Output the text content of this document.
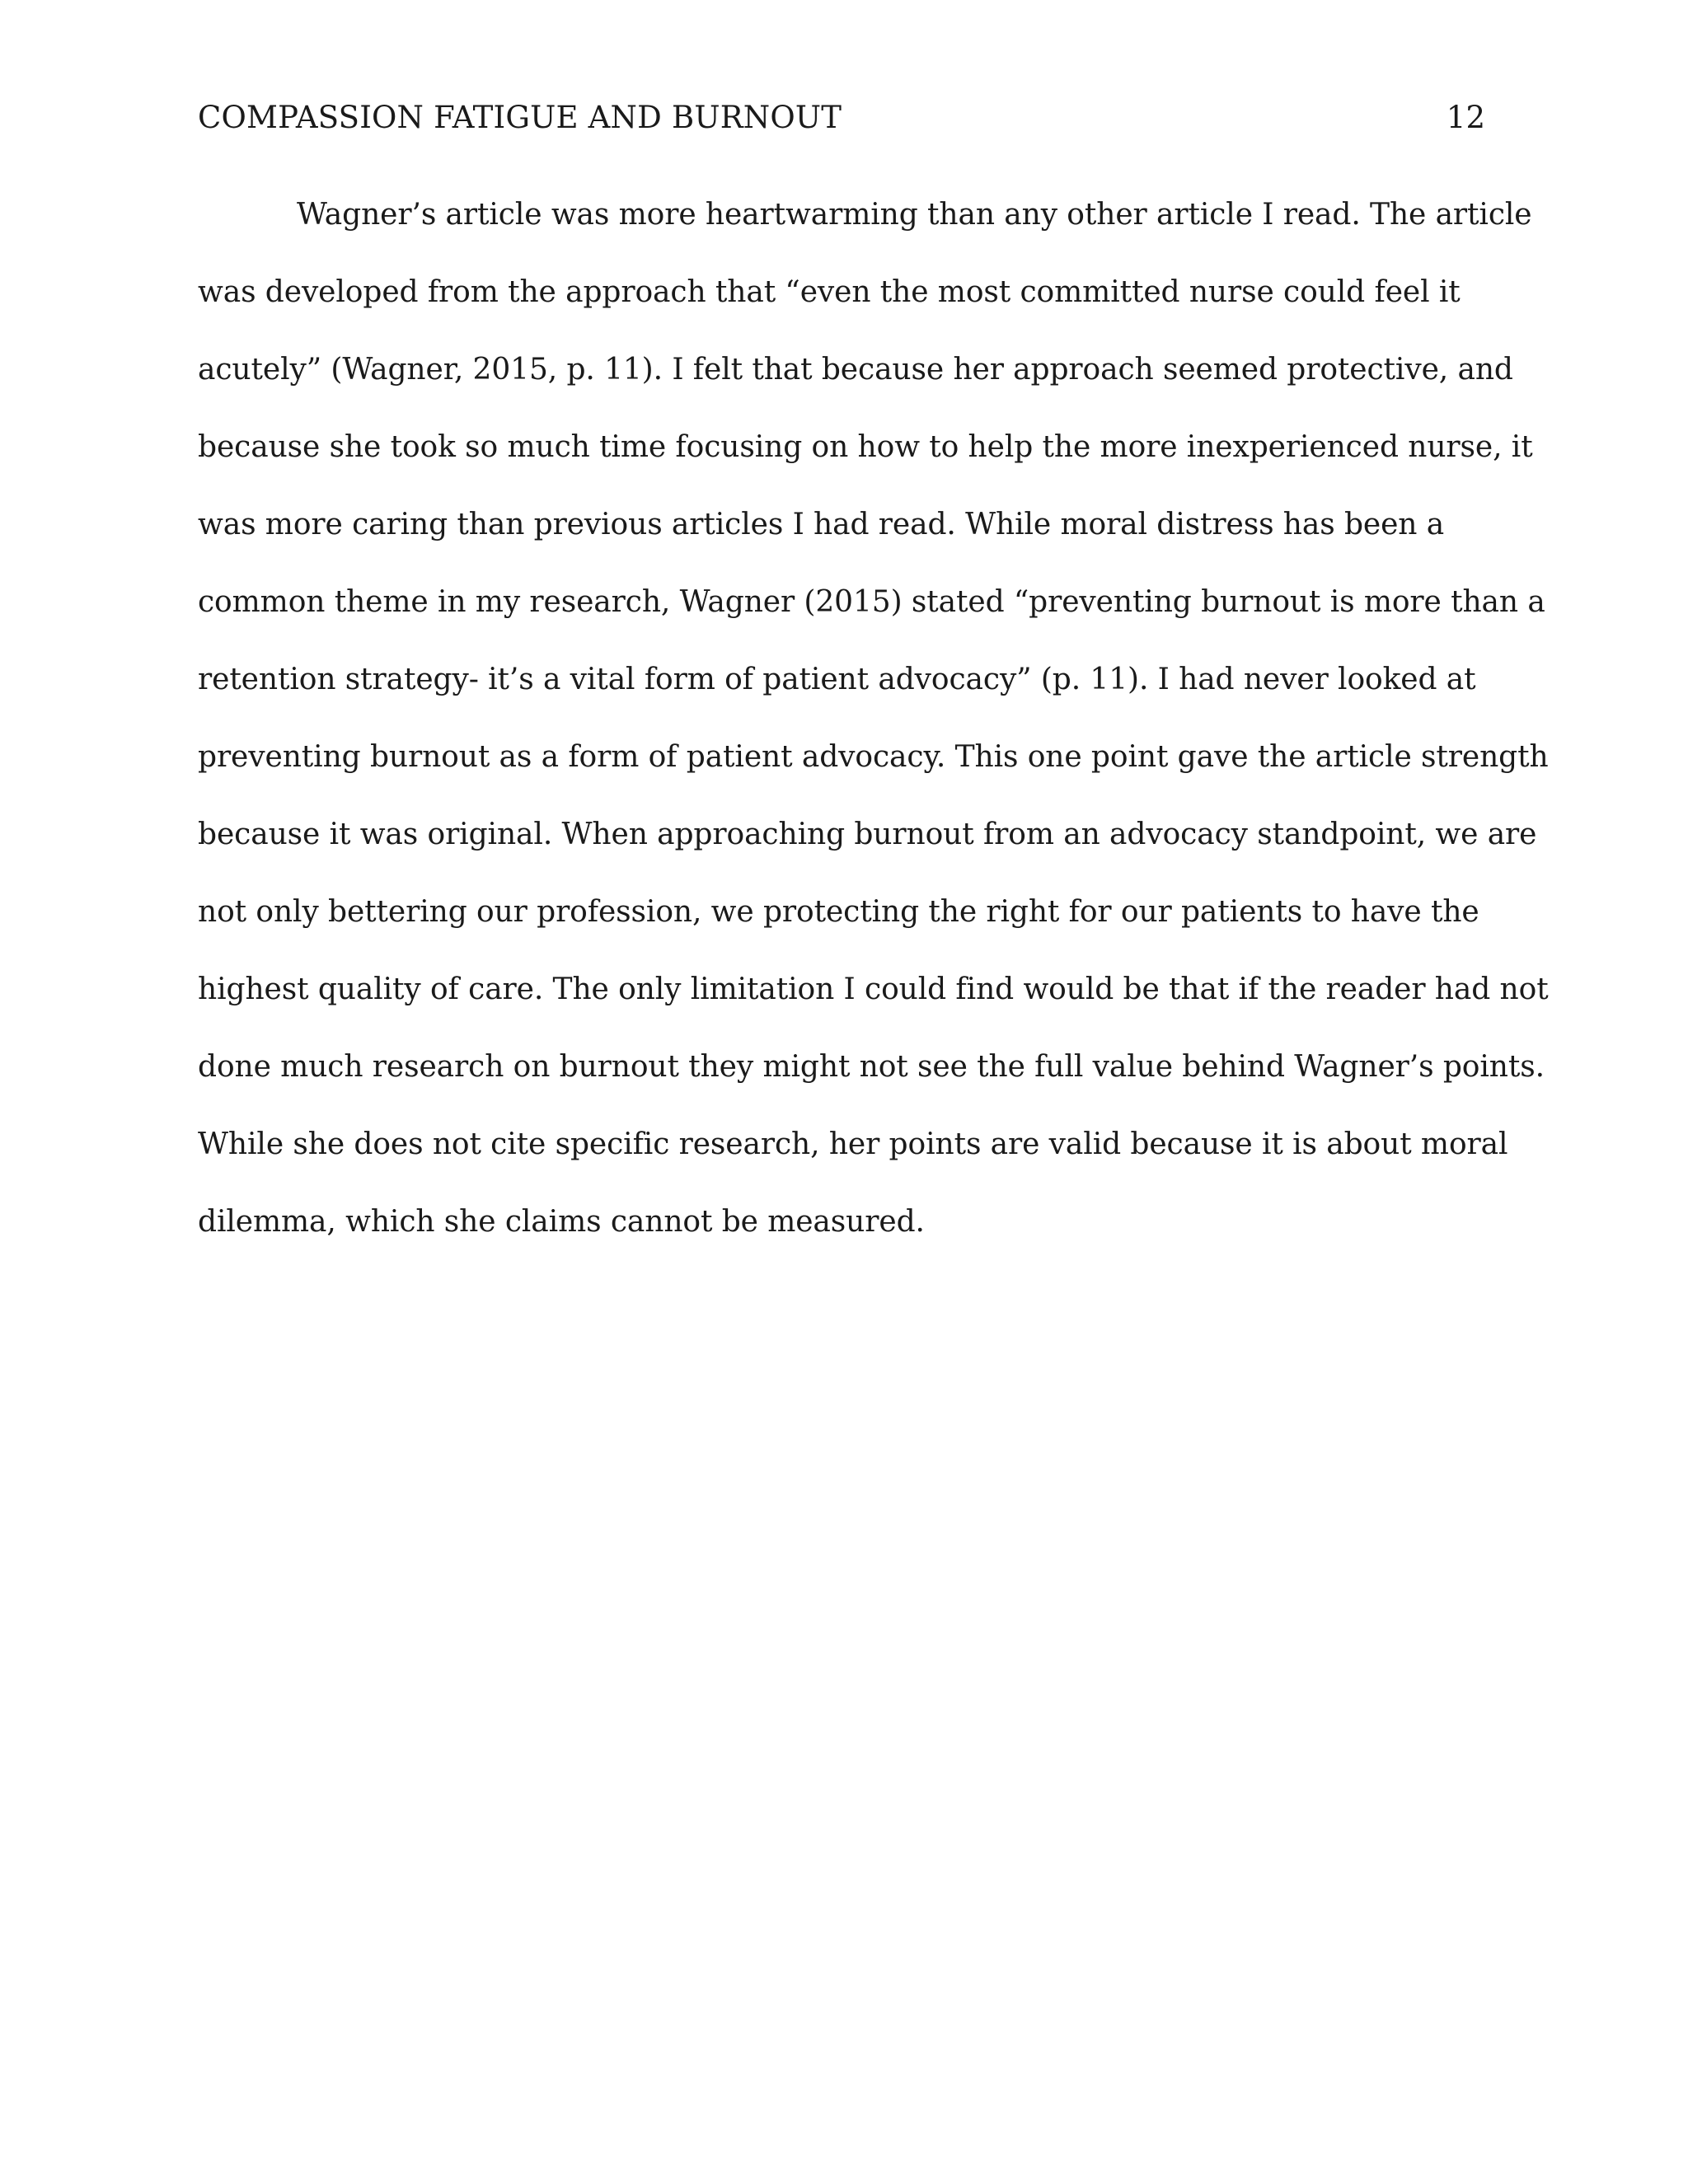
COMPASSION FATIGUE AND BURNOUT	12
Wagner’s article was more heartwarming than any other article I read. The article
was developed from the approach that “even the most committed nurse could feel it
acutely” (Wagner, 2015, p. 11). I felt that because her approach seemed protective, and
because she took so much time focusing on how to help the more inexperienced nurse, it
was more caring than previous articles I had read. While moral distress has been a
common theme in my research, Wagner (2015) stated “preventing burnout is more than a
retention strategy- it’s a vital form of patient advocacy” (p. 11). I had never looked at
preventing burnout as a form of patient advocacy. This one point gave the article strength
because it was original. When approaching burnout from an advocacy standpoint, we are
not only bettering our profession, we protecting the right for our patients to have the
highest quality of care. The only limitation I could find would be that if the reader had not
done much research on burnout they might not see the full value behind Wagner’s points.
While she does not cite specific research, her points are valid because it is about moral
dilemma, which she claims cannot be measured.
